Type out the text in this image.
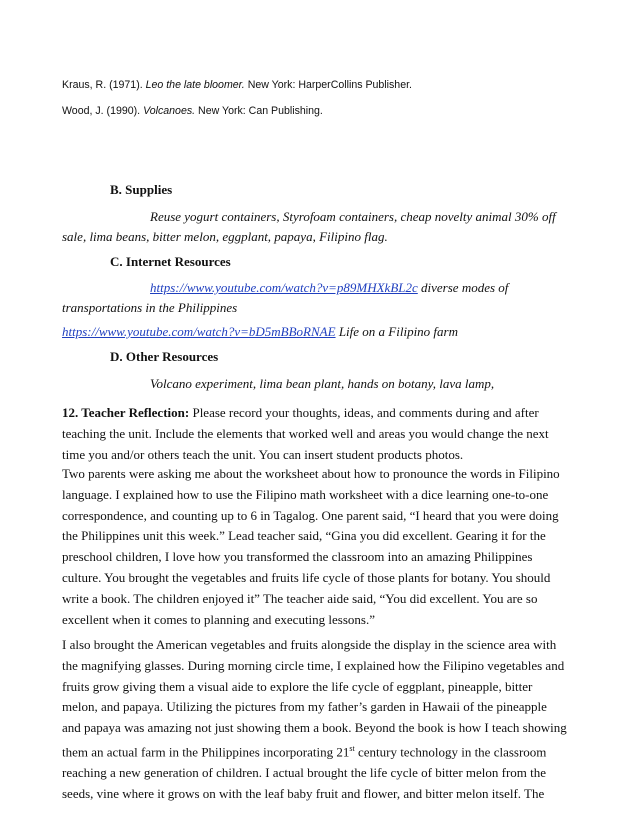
Kraus, R. (1971). Leo the late bloomer. New York: HarperCollins Publisher.
Wood, J. (1990). Volcanoes. New York: Can Publishing.
B. Supplies
Reuse yogurt containers, Styrofoam containers, cheap novelty animal 30% off
sale, lima beans, bitter melon, eggplant, papaya, Filipino flag.
C. Internet Resources
https://www.youtube.com/watch?v=p89MHXkBL2c diverse modes of
transportations in the Philippines
https://www.youtube.com/watch?v=bD5mBBoRNAE Life on a Filipino farm
D. Other Resources
Volcano experiment, lima bean plant, hands on botany, lava lamp,
12. Teacher Reflection: Please record your thoughts, ideas, and comments during and after
teaching the unit. Include the elements that worked well and areas you would change the next
time you and/or others teach the unit. You can insert student products photos.
Two parents were asking me about the worksheet about how to pronounce the words in Filipino
language. I explained how to use the Filipino math worksheet with a dice learning one-to-one
correspondence, and counting up to 6 in Tagalog. One parent said, “I heard that you were doing
the Philippines unit this week.” Lead teacher said, “Gina you did excellent. Gearing it for the
preschool children, I love how you transformed the classroom into an amazing Philippines
culture. You brought the vegetables and fruits life cycle of those plants for botany. You should
write a book. The children enjoyed it” The teacher aide said, “You did excellent. You are so
excellent when it comes to planning and executing lessons.”
I also brought the American vegetables and fruits alongside the display in the science area with
the magnifying glasses. During morning circle time, I explained how the Filipino vegetables and
fruits grow giving them a visual aide to explore the life cycle of eggplant, pineapple, bitter
melon, and papaya. Utilizing the pictures from my father’s garden in Hawaii of the pineapple
and papaya was amazing not just showing them a book. Beyond the book is how I teach showing
them an actual farm in the Philippines incorporating 21st century technology in the classroom
reaching a new generation of children. I actual brought the life cycle of bitter melon from the
seeds, vine where it grows on with the leaf baby fruit and flower, and bitter melon itself. The
